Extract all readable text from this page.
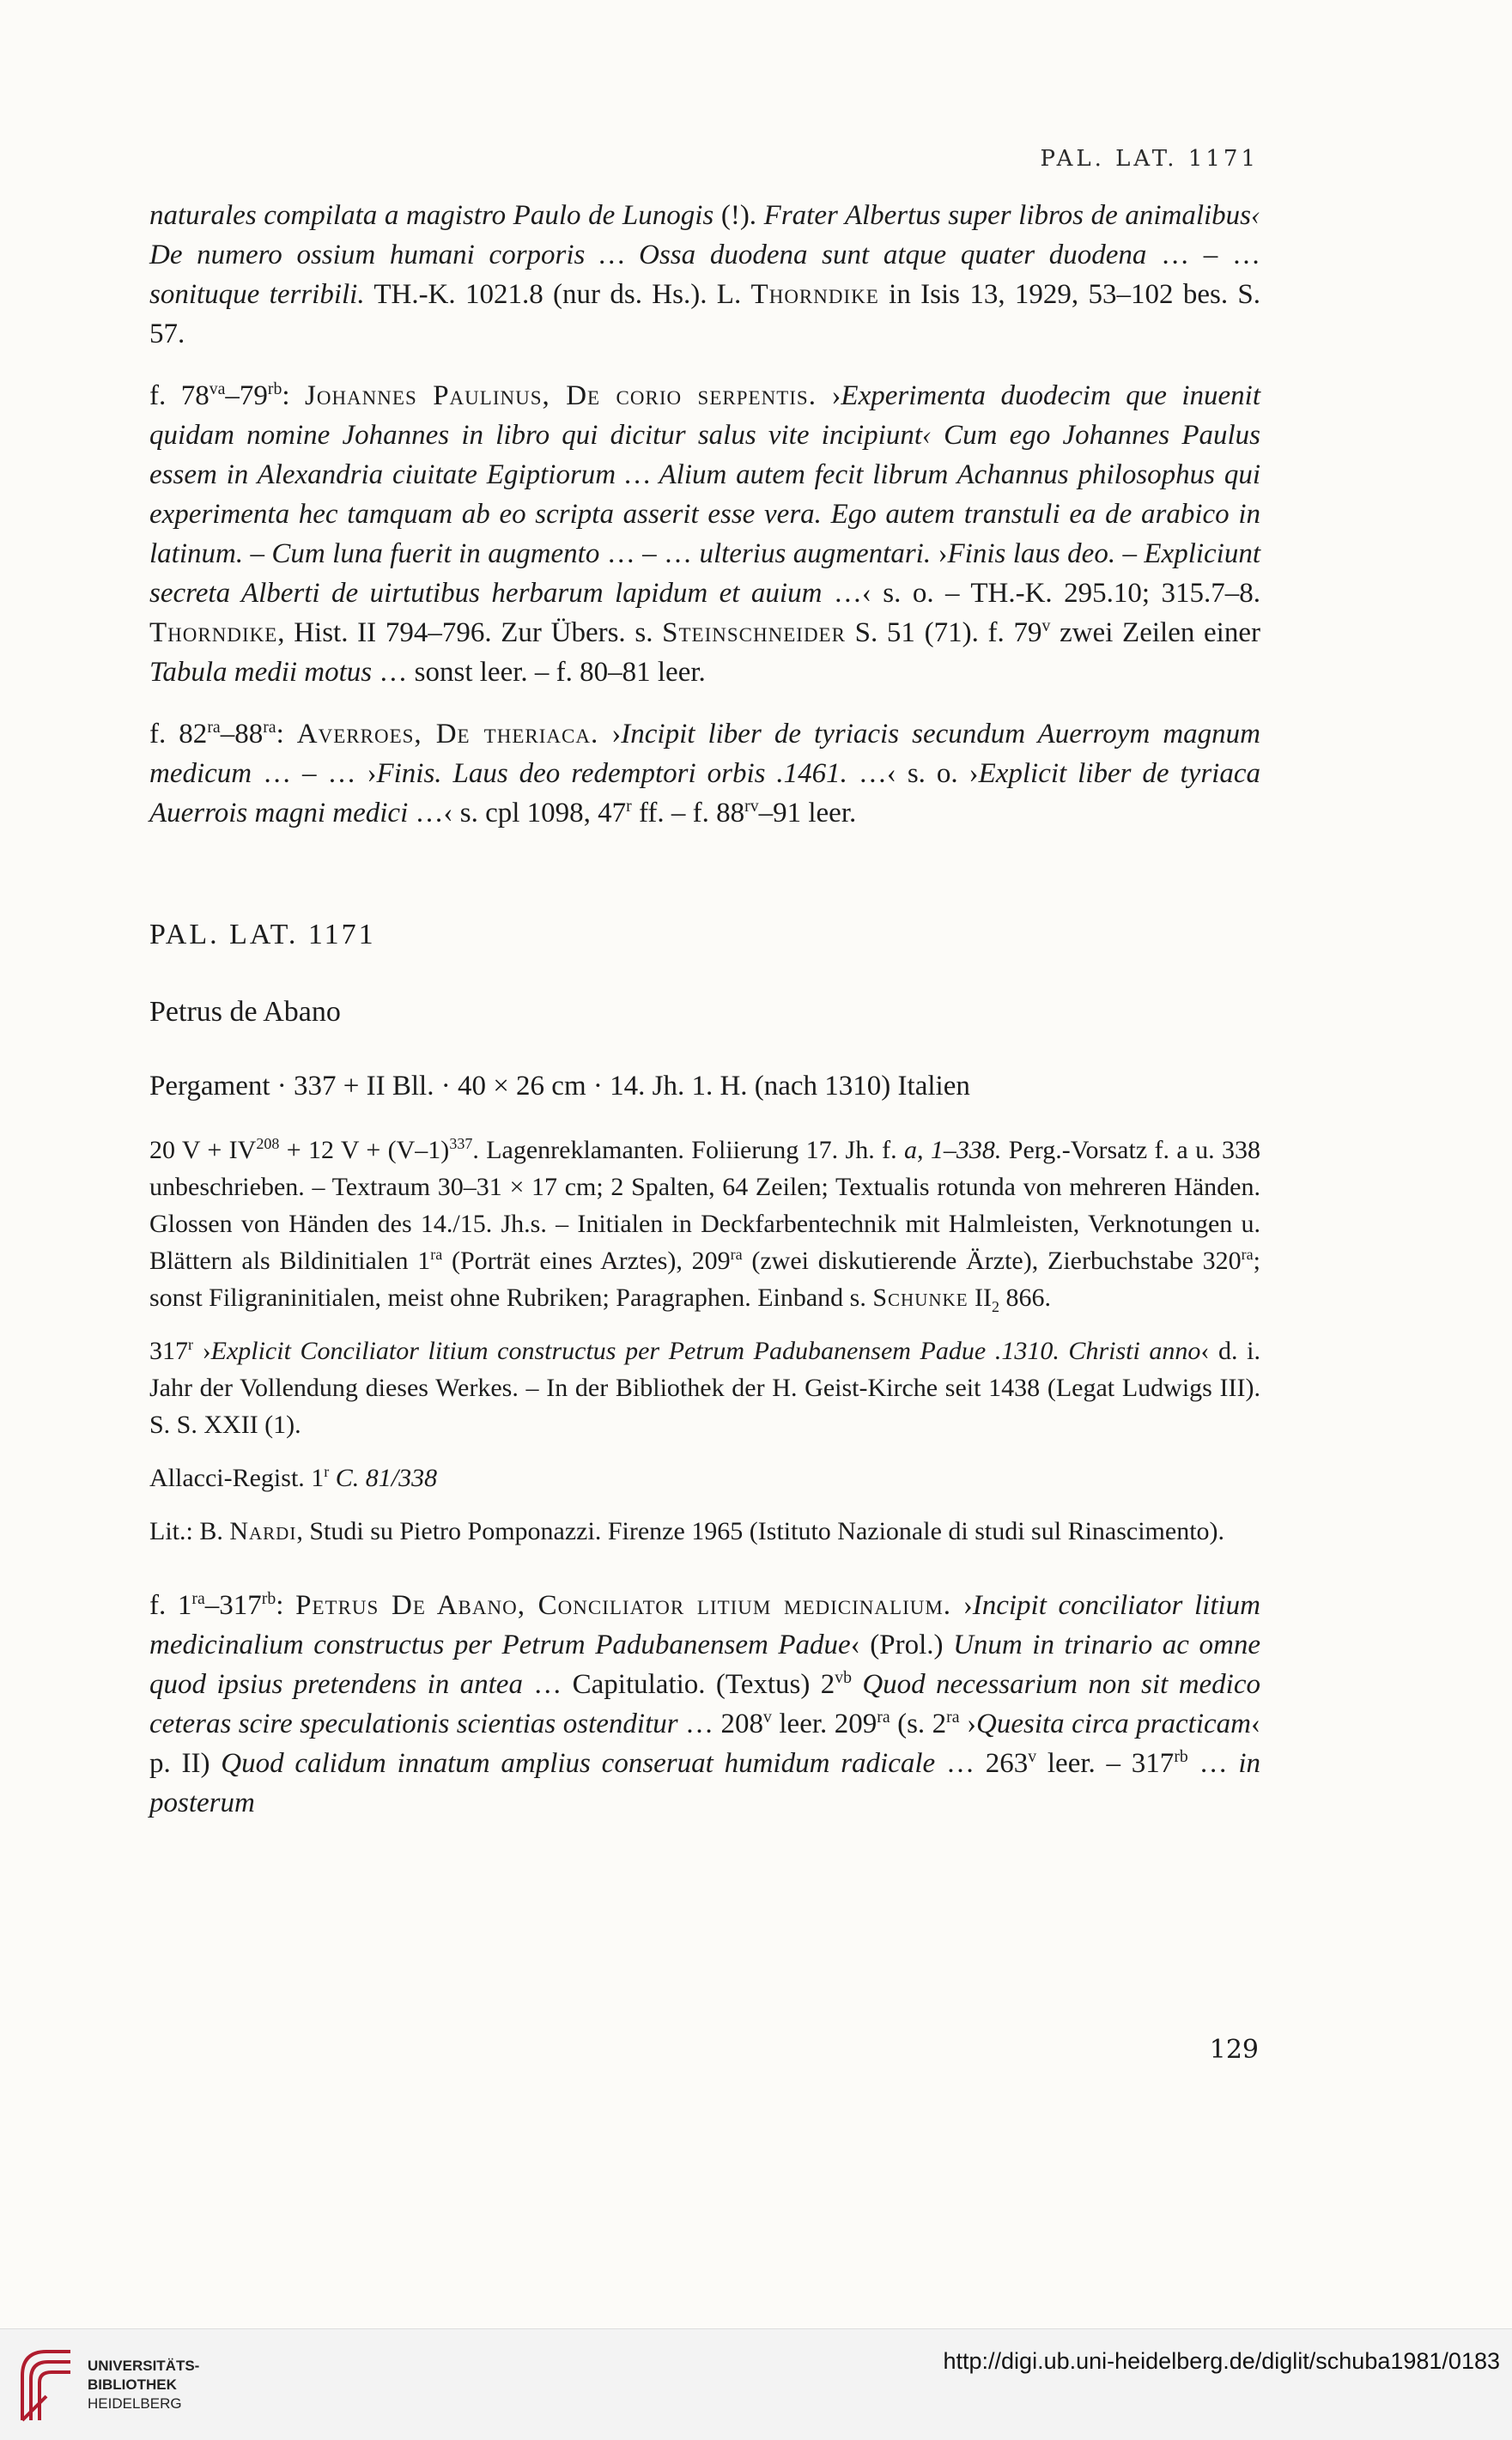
PAL. LAT. 1171

naturales compilata a magistro Paulo de Lunogis (!). Frater Albertus super libros de animalibus‹ De numero ossium humani corporis … Ossa duodena sunt atque quater duodena … – … sonituque terribili. TH.-K. 1021.8 (nur ds. Hs.). L. Thorndike in Isis 13, 1929, 53–102 bes. S. 57.

f. $78^{va}-79^{rb}$: Johannes Paulinus, De corio serpentis. ›Experimenta duodecim que inuenit quidam nomine Johannes in libro qui dicitur salus vite incipiunt‹ Cum ego Johannes Paulus essem in Alexandria ciuitate Egiptiorum … Alium autem fecit librum Achannus philosophus qui experimenta hec tamquam ab eo scripta asserit esse vera. Ego autem transtuli ea de arabico in latinum. – Cum luna fuerit in augmento … – … ulterius augmentari. ›Finis laus deo. – Expliciunt secreta Alberti de uirtutibus herbarum lapidum et auium …‹ s. o. – TH.-K. 295.10; 315.7–8. Thorndike, Hist. II 794–796. Zur Übers. s. Steinschneider S. 51 (71). f. 79$^v$ zwei Zeilen einer Tabula medii motus … sonst leer. – f. 80–81 leer.

f. $82^{ra}-88^{ra}$: Averroes, De theriaca. ›Incipit liber de tyriacis secundum Auerroym magnum medicum … – … ›Finis. Laus deo redemptori orbis .1461. …‹ s. o. ›Explicit liber de tyriaca Auerrois magni medici …‹ s. cpl 1098, 47$^r$ ff. – f. $88^{rv}-91$ leer.

PAL. LAT. 1171
Petrus de Abano
Pergament · 337 + II Bll. · 40 × 26 cm · 14. Jh. 1. H. (nach 1310) Italien

20 $V + IV^{208} + 12$ $V + (V-1)^{337}$. Lagenreklamanten. Foliierung 17. Jh. f. a, 1–338. Perg.-Vorsatz f. a u. 338 unbeschrieben. – Textraum 30–31 × 17 cm; 2 Spalten, 64 Zeilen; Textualis rotunda von mehreren Händen. Glossen von Händen des 14./15. Jh.s. – Initialen in Deckfarbentechnik mit Halmleisten, Verknotungen u. Blättern als Bildinitialen $1^{ra}$ (Porträt eines Arztes), $209^{ra}$ (zwei diskutierende Ärzte), Zierbuchstabe $320^{ra}$; sonst Filigraninitialen, meist ohne Rubriken; Paragraphen. Einband s. Schunke $II_2$ 866.

317$^r$ ›Explicit Conciliator litium constructus per Petrum Padubanensem Padue .1310. Christi anno‹ d. i. Jahr der Vollendung dieses Werkes. – In der Bibliothek der H. Geist-Kirche seit 1438 (Legat Ludwigs III). S. S. XXII (1).

Allacci-Regist. 1$^r$ C. 81/338

Lit.: B. Nardi, Studi su Pietro Pomponazzi. Firenze 1965 (Istituto Nazionale di studi sul Rinascimento).

f. $1^{ra}-317^{rb}$: Petrus De Abano, Conciliator litium medicinalium. ›Incipit conciliator litium medicinalium constructus per Petrum Padubanensem Padue‹ (Prol.) Unum in trinario ac omne quod ipsius pretendens in antea … Capitulatio. (Textus) $2^{vb}$ Quod necessarium non sit medico ceteras scire speculationis scientias ostenditur … 208$^v$ leer. $209^{ra}$ (s. $2^{ra}$ ›Quesita circa practicam‹ p. II) Quod calidum innatum amplius conseruat humidum radicale … 263$^v$ leer. – $317^{rb}$ … in posterum

129
UNIVERSITÄTS-
BIBLIOTHEK
HEIDELBERG
http://digi.ub.uni-heidelberg.de/diglit/schuba1981/0183
